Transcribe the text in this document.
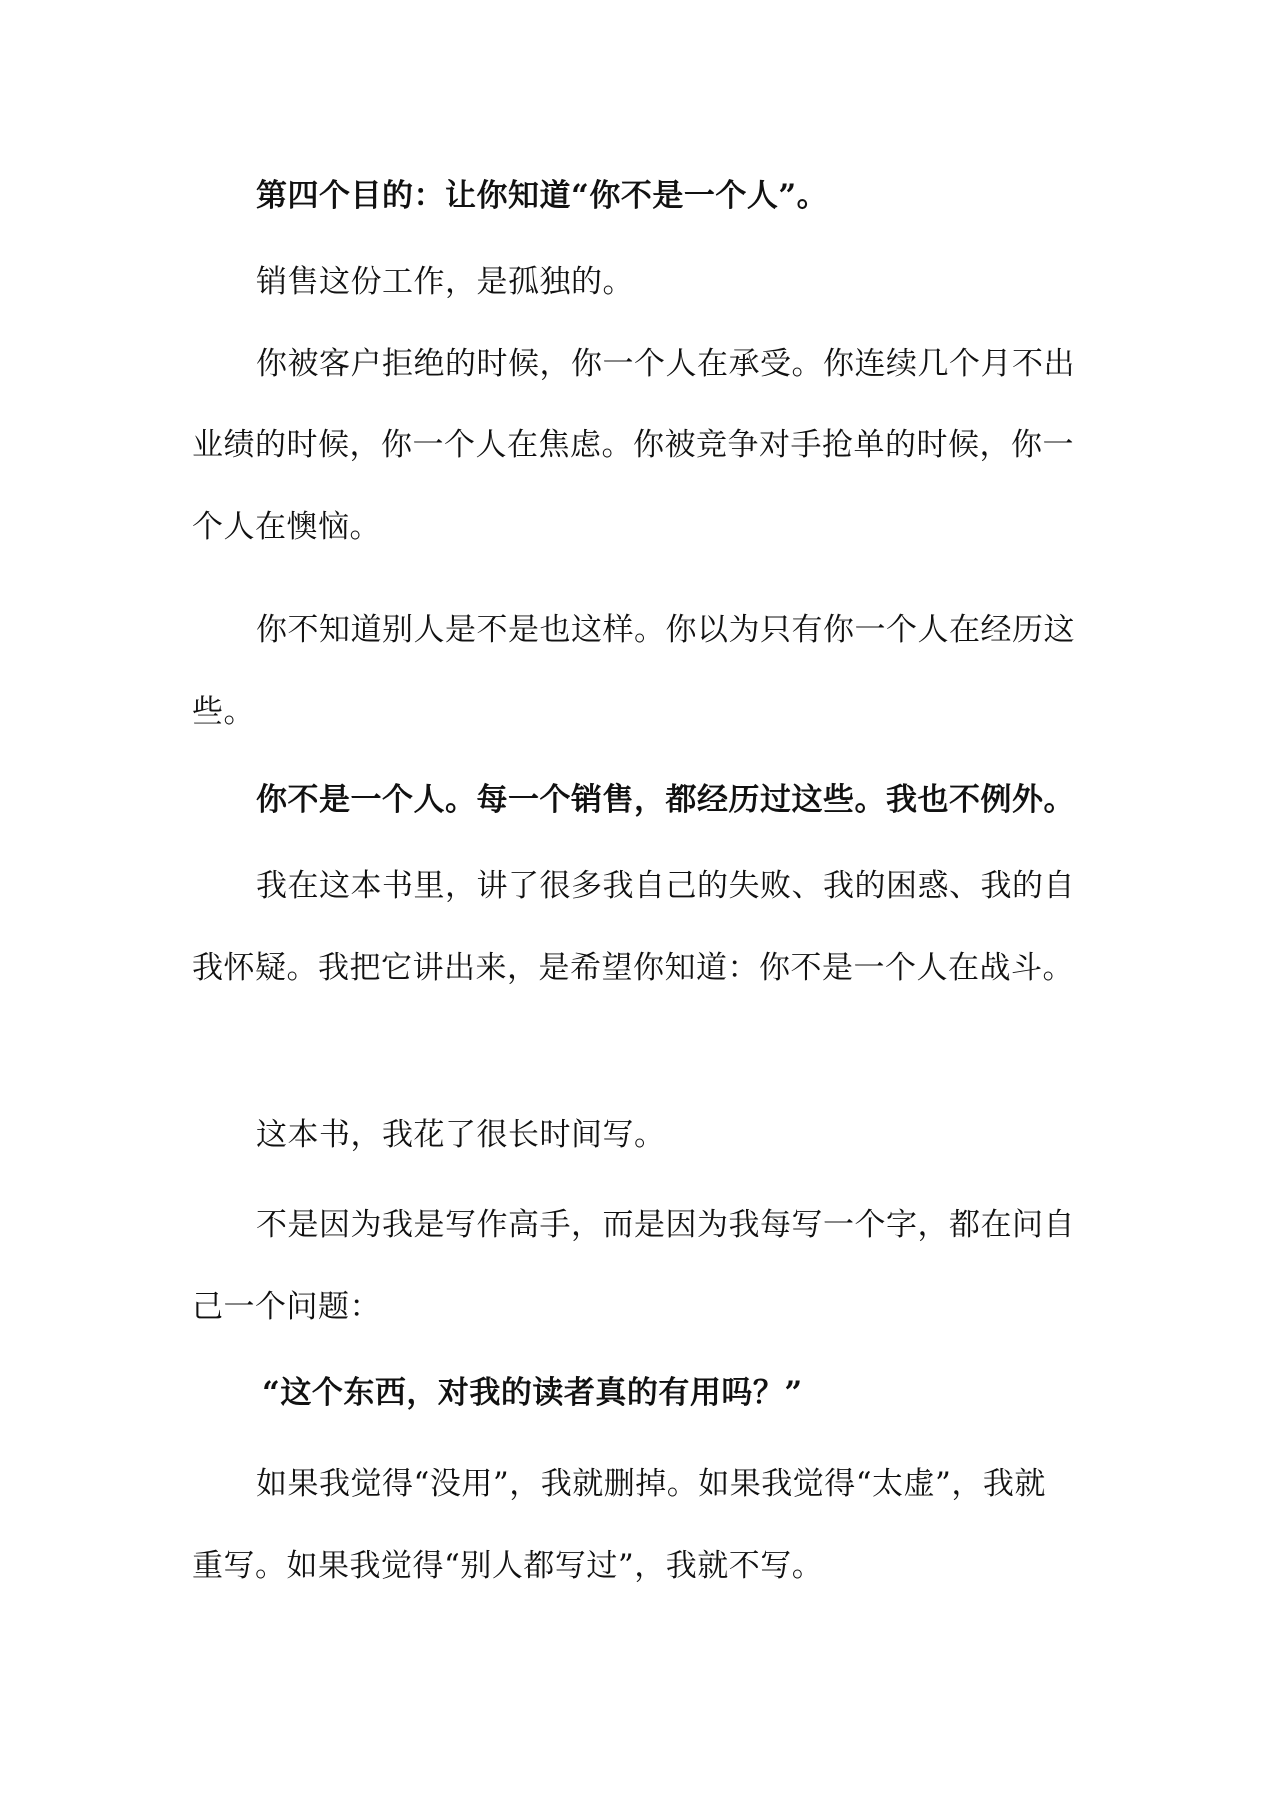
第四个目的：让你知道“你不是一个人”。
销售这份工作，是孤独的。
你被客户拒绝的时候，你一个人在承受。你连续几个月不出
业绩的时候，你一个人在焦虑。你被竞争对手抢单的时候，你一
个人在懊恼。
你不知道别人是不是也这样。你以为只有你一个人在经历这
些。
你不是一个人。每一个销售，都经历过这些。我也不例外。
我在这本书里，讲了很多我自己的失败、我的困惑、我的自
我怀疑。我把它讲出来，是希望你知道：你不是一个人在战斗。
这本书，我花了很长时间写。
不是因为我是写作高手，而是因为我每写一个字，都在问自
己一个问题：
“这个东西，对我的读者真的有用吗？”
如果我觉得“没用”，我就删掉。如果我觉得“太虚”，我就
重写。如果我觉得“别人都写过”，我就不写。
